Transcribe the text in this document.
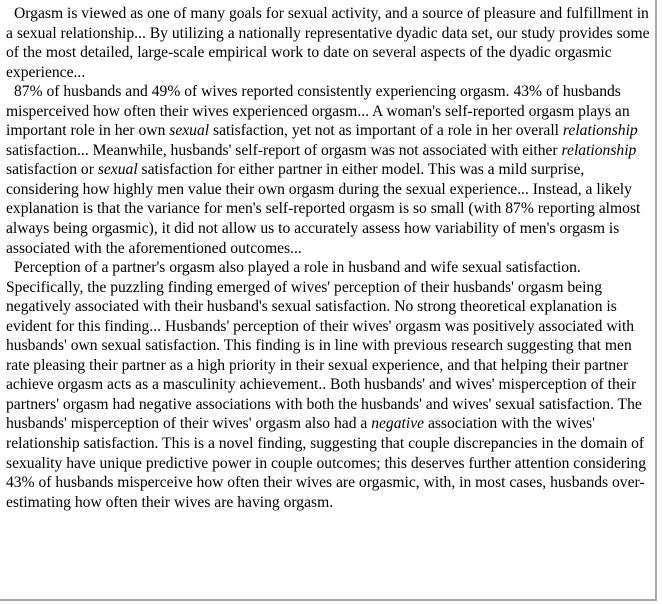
Orgasm is viewed as one of many goals for sexual activity, and a source of pleasure and fulfillment in a sexual relationship... By utilizing a nationally representative dyadic data set, our study provides some of the most detailed, large-scale empirical work to date on several aspects of the dyadic orgasmic experience...

87% of husbands and 49% of wives reported consistently experiencing orgasm. 43% of husbands misperceived how often their wives experienced orgasm... A woman's self-reported orgasm plays an important role in her own sexual satisfaction, yet not as important of a role in her overall relationship satisfaction... Meanwhile, husbands' self-report of orgasm was not associated with either relationship satisfaction or sexual satisfaction for either partner in either model. This was a mild surprise, considering how highly men value their own orgasm during the sexual experience... Instead, a likely explanation is that the variance for men's self-reported orgasm is so small (with 87% reporting almost always being orgasmic), it did not allow us to accurately assess how variability of men's orgasm is associated with the aforementioned outcomes...

Perception of a partner's orgasm also played a role in husband and wife sexual satisfaction. Specifically, the puzzling finding emerged of wives' perception of their husbands' orgasm being negatively associated with their husband's sexual satisfaction. No strong theoretical explanation is evident for this finding... Husbands' perception of their wives' orgasm was positively associated with husbands' own sexual satisfaction. This finding is in line with previous research suggesting that men rate pleasing their partner as a high priority in their sexual experience, and that helping their partner achieve orgasm acts as a masculinity achievement.. Both husbands' and wives' misperception of their partners' orgasm had negative associations with both the husbands' and wives' sexual satisfaction. The husbands' misperception of their wives' orgasm also had a negative association with the wives' relationship satisfaction. This is a novel finding, suggesting that couple discrepancies in the domain of sexuality have unique predictive power in couple outcomes; this deserves further attention considering 43% of husbands misperceive how often their wives are orgasmic, with, in most cases, husbands over-estimating how often their wives are having orgasm.
